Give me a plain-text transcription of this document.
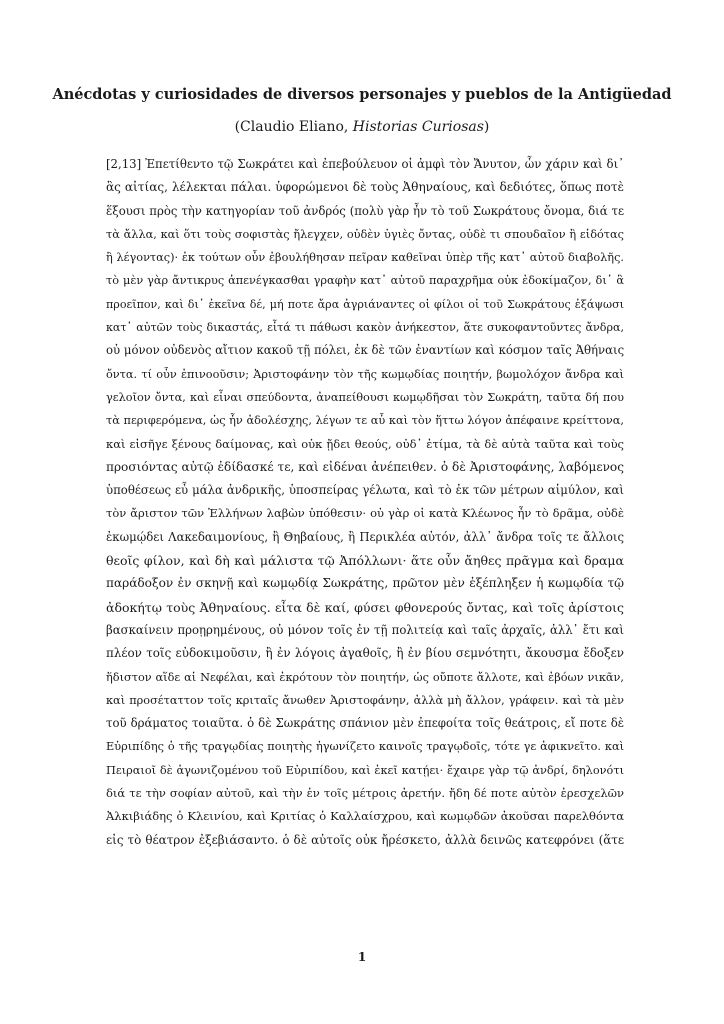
Anécdotas y curiosidades de diversos personajes y pueblos de la Antigüedad
(Claudio Eliano, Historias Curiosas)
[2,13] Ἐπετίθεντο τῷ Σωκράτει καὶ ἐπεβούλευον οἱ ἀμφὶ τὸν Ἄνυτον, ὧν χάριν καὶ δι᾿
ἃς αἰτίας, λέλεκται πάλαι. ὑφορώμενοι δὲ τοὺς Ἀθηναίους, καὶ δεδιότες, ὅπως ποτὲ
ἕξουσι πρὸς τὴν κατηγορίαν τοῦ ἀνδρός (πολὺ γὰρ ἦν τὸ τοῦ Σωκράτους ὄνομα, διά τε
τὰ ἄλλα, καὶ ὅτι τοὺς σοφιστὰς ἤλεγχεν, οὐδὲν ὑγιὲς ὄντας, οὐδὲ τι σπουδαῖον ἢ εἰδότας
ἢ λέγοντας)· ἐκ τούτων οὖν ἐβουλήθησαν πεῖραν καθεῖναι ὑπὲρ τῆς κατ᾿ αὐτοῦ διαβολῆς.
τὸ μὲν γὰρ ἄντικρυς ἀπενέγκασθαι γραφὴν κατ᾿ αὐτοῦ παραχρῆμα οὐκ ἐδοκίμαζον, δι᾿ ἃ
προεῖπον, καὶ δι᾿ ἐκεῖνα δέ, μή ποτε ἄρα ἀγριάναντες οἱ φίλοι οἱ τοῦ Σωκράτους ἐξάψωσι
κατ᾿ αὐτῶν τοὺς δικαστάς, εἶτά τι πάθωσι κακὸν ἀνήκεστον, ἅτε συκοφαντοῦντες ἄνδρα,
οὐ μόνον οὐδενὸς αἴτιον κακοῦ τῇ πόλει, ἐκ δὲ τῶν ἐναντίων καὶ κόσμον ταῖς Ἀθήναις
ὄντα. τί οὖν ἐπινοοῦσιν; Ἀριστοφάνην τὸν τῆς κωμῳδίας ποιητήν, βωμολόχον ἄνδρα καὶ
γελοῖον ὄντα, καὶ εἶναι σπεύδοντα, ἀναπείθουσι κωμῳδῆσαι τὸν Σωκράτη, ταῦτα δή που
τὰ περιφερόμενα, ὡς ἦν ἀδολέσχης, λέγων τε αὖ καὶ τὸν ἥττω λόγον ἀπέφαινε κρείττονα,
καὶ εἰσῆγε ξένους δαίμονας, καὶ οὐκ ᾔδει θεούς, οὐδ᾿ ἐτίμα, τὰ δὲ αὐτὰ ταῦτα καὶ τοὺς
προσιόντας αὐτῷ ἐδίδασκέ τε, καὶ εἰδέναι ἀνέπειθεν. ὁ δὲ Ἀριστοφάνης, λαβόμενος
ὑποθέσεως εὖ μάλα ἀνδρικῆς, ὑποσπείρας γέλωτα, καὶ τὸ ἐκ τῶν μέτρων αἱμύλον, καὶ
τὸν ἄριστον τῶν Ἑλλήνων λαβὼν ὑπόθεσιν· οὐ γὰρ οἱ κατὰ Κλέωνος ἦν τὸ δρᾶμα, οὐδὲ
ἐκωμῴδει Λακεδαιμονίους, ἢ Θηβαίους, ἢ Περικλέα αὐτόν, ἀλλ᾿ ἄνδρα τοῖς τε ἄλλοις
θεοῖς φίλον, καὶ δὴ καὶ μάλιστα τῷ Ἀπόλλωνι· ἅτε οὖν ἄηθες πρᾶγμα καὶ δραμα
παράδοξον ἐν σκηνῇ καὶ κωμῳδίᾳ Σωκράτης, πρῶτον μὲν ἐξέπληξεν ἡ κωμῳδία τῷ
ἀδοκήτῳ τοὺς Ἀθηναίους. εἶτα δὲ καί, φύσει φθονερούς ὄντας, καὶ τοῖς ἀρίστοις
βασκαίνειν προῃρημένους, οὐ μόνον τοῖς ἐν τῇ πολιτείᾳ καὶ ταῖς ἀρχαῖς, ἀλλ᾿ ἔτι καὶ
πλέον τοῖς εὐδοκιμοῦσιν, ἢ ἐν λόγοις ἀγαθοῖς, ἢ ἐν βίου σεμνότητι, ἄκουσμα ἔδοξεν
ἥδιστον αἵδε αἱ Νεφέλαι, καὶ ἐκρότουν τὸν ποιητήν, ὡς οὔποτε ἄλλοτε, καὶ ἐβόων νικᾶν,
καὶ προσέταττον τοῖς κριταῖς ἄνωθεν Ἀριστοφάνην, ἀλλὰ μὴ ἄλλον, γράφειν. καὶ τὰ μὲν
τοῦ δράματος τοιαῦτα. ὁ δὲ Σωκράτης σπάνιον μὲν ἐπεφοίτα τοῖς θεάτροις, εἴ ποτε δὲ
Εὐριπίδης ὁ τῆς τραγῳδίας ποιητὴς ἠγωνίζετο καινοῖς τραγῳδοῖς, τότε γε ἀφικνεῖτο. καὶ
Πειραιοῖ δὲ ἀγωνιζομένου τοῦ Εὐριπίδου, καὶ ἐκεῖ κατῄει· ἔχαιρε γὰρ τῷ ἀνδρί, δηλονότι
διά τε τὴν σοφίαν αὐτοῦ, καὶ τὴν ἐν τοῖς μέτροις ἀρετήν. ἤδη δέ ποτε αὐτὸν ἐρεσχελῶν
Ἀλκιβιάδης ὁ Κλεινίου, καὶ Κριτίας ὁ Καλλαίσχρου, καὶ κωμῳδῶν ἀκοῦσαι παρελθόντα
εἰς τὸ θέατρον ἐξεβιάσαντο. ὁ δὲ αὐτοῖς οὐκ ἤρέσκετο, ἀλλὰ δεινῶς κατεφρόνει (ἅτε
1
